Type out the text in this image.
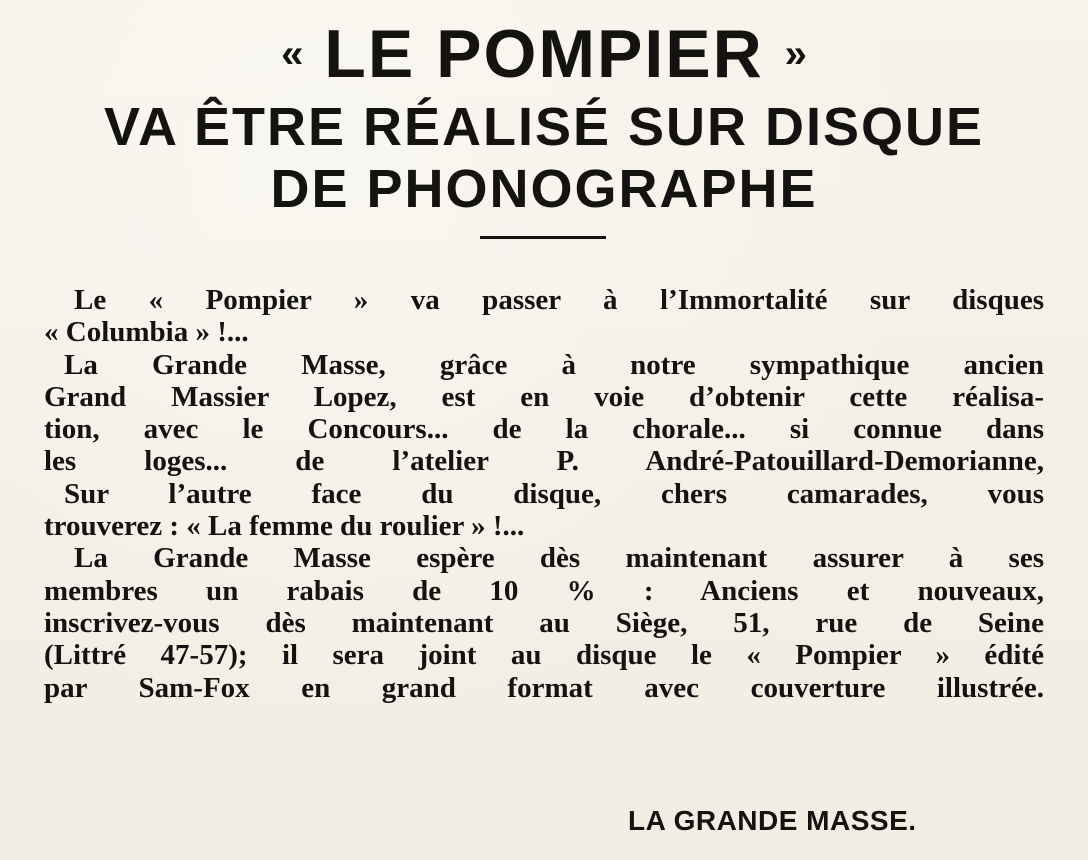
« LE POMPIER »
VA ÊTRE RÉALISÉ SUR DISQUE
DE PHONOGRAPHE
Le « Pompier » va passer à l’Immortalité sur disques
« Columbia » !...
La Grande Masse, grâce à notre sympathique ancien
Grand Massier Lopez, est en voie d’obtenir cette réalisa-
tion, avec le Concours... de la chorale... si connue dans
les loges... de l’atelier P. André-Patouillard-Demorianne,
Sur l’autre face du disque, chers camarades, vous
trouverez : « La femme du roulier » !...
La Grande Masse espère dès maintenant assurer à ses
membres un rabais de 10 % : Anciens et nouveaux,
inscrivez-vous dès maintenant au Siège, 51, rue de Seine
(Littré 47-57); il sera joint au disque le « Pompier » édité
par Sam-Fox en grand format avec couverture illustrée.
LA GRANDE MASSE.
